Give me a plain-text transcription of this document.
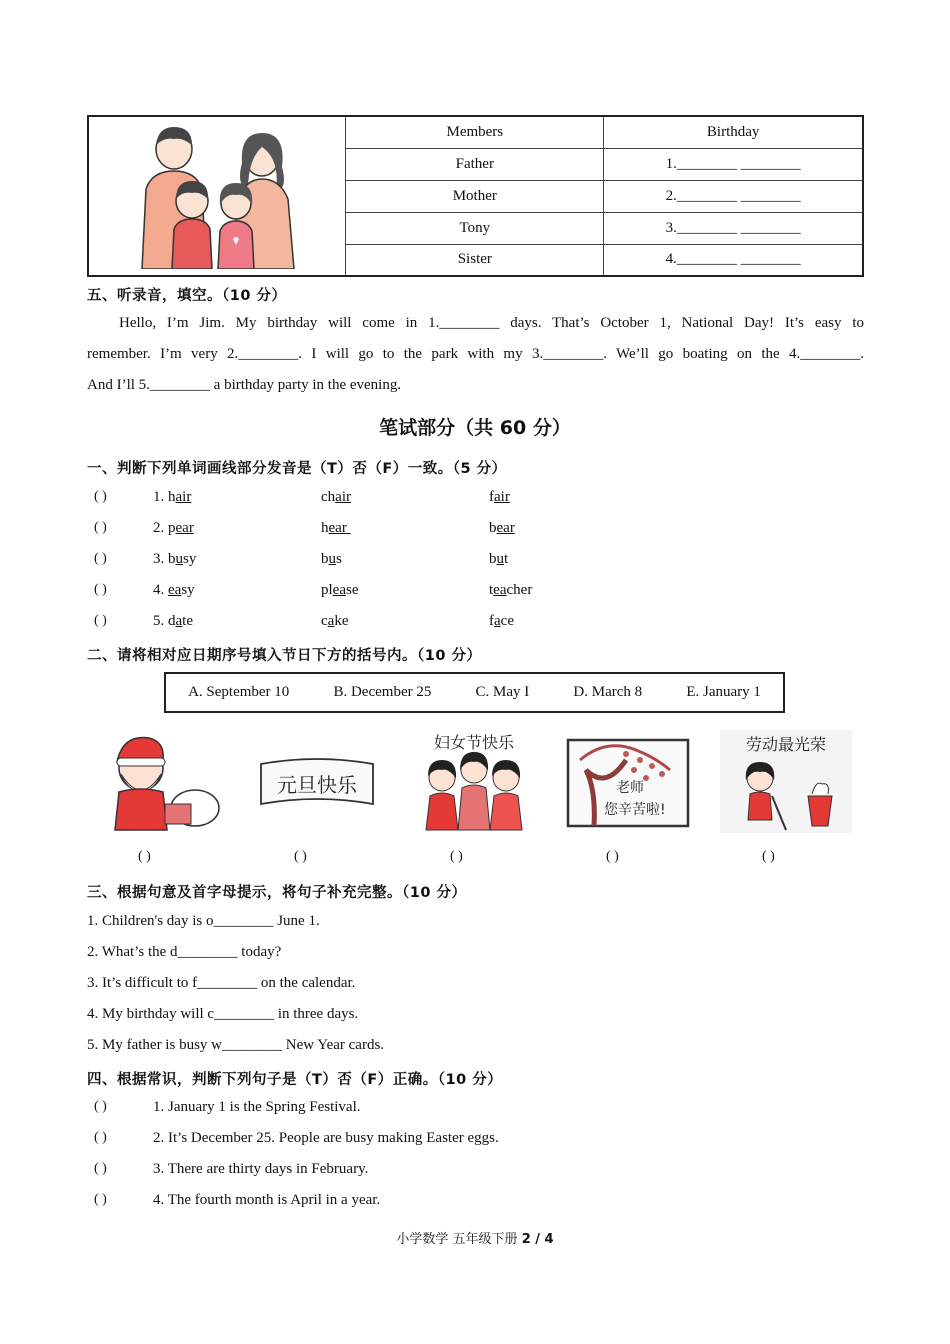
	Members	Birthday
	Father	1.________ ________
	Mother	2.________ ________
	Tony	3.________ ________
	Sister	4.________ ________
五、听录音，填空。（10 分）
Hello, I’m Jim. My birthday will come in 1.________ days. That’s October 1, National Day! It’s easy to
remember. I’m very 2.________. I will go to the park with my 3.________. We’ll go boating on the 4.________.
And I’ll 5.________ a birthday party in the evening.
笔试部分（共 60 分）
一、判断下列单词画线部分发音是（T）否（F）一致。（5 分）
( )	1. hair	chair	fair
( )	2. pear	hear	bear
( )	3. busy	bus	but
( )	4. easy	please	teacher
( )	5. date	cake	face
二、请将相对应日期序号填入节日下方的括号内。（10 分）
A. September 10	B. December 25	C. May I	D. March 8	E. January 1
元旦快乐
妇女节快乐
老师
您辛苦啦!
劳动最光荣
( )	( )	( )	( )	( )
三、根据句意及首字母提示，将句子补充完整。（10 分）
1. Children's day is o________ June 1.
2. What’s the d________ today?
3. It’s difficult to f________ on the calendar.
4. My birthday will c________ in three days.
5. My father is busy w________ New Year cards.
四、根据常识，判断下列句子是（T）否（F）正确。（10 分）
( )	1. January 1 is the Spring Festival.
( )	2. It’s December 25. People are busy making Easter eggs.
( )	3. There are thirty days in February.
( )	4. The fourth month is April in a year.
小学数学 五年级下册 2 / 4
